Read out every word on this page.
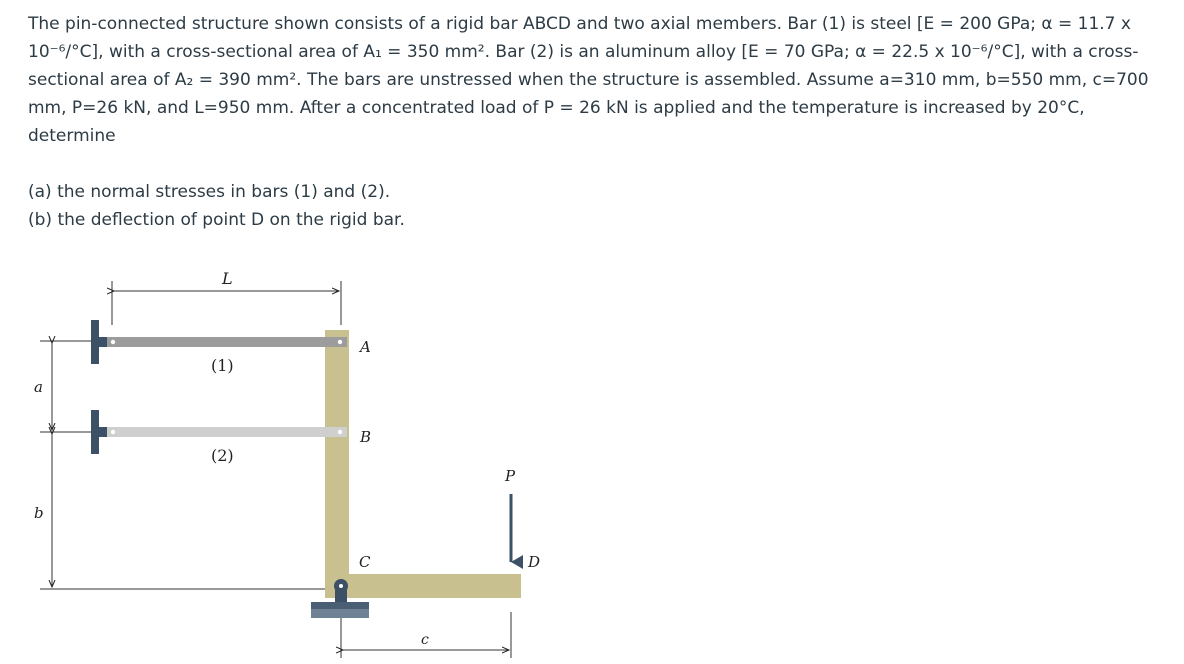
The pin-connected structure shown consists of a rigid bar ABCD and two axial members. Bar (1) is steel [E = 200 GPa; α = 11.7 x

10⁻⁶/°C], with a cross-sectional area of A₁ = 350 mm². Bar (2) is an aluminum alloy [E = 70 GPa; α = 22.5 x 10⁻⁶/°C], with a cross-

sectional area of A₂ = 390 mm². The bars are unstressed when the structure is assembled. Assume a=310 mm, b=550 mm, c=700

mm, P=26 kN, and L=950 mm. After a concentrated load of P = 26 kN is applied and the temperature is increased by 20°C,

determine

(a) the normal stresses in bars (1) and (2).

(b) the deflection of point D on the rigid bar.

L
a
b
c
(1)
(2)
A
B
C	D
P
